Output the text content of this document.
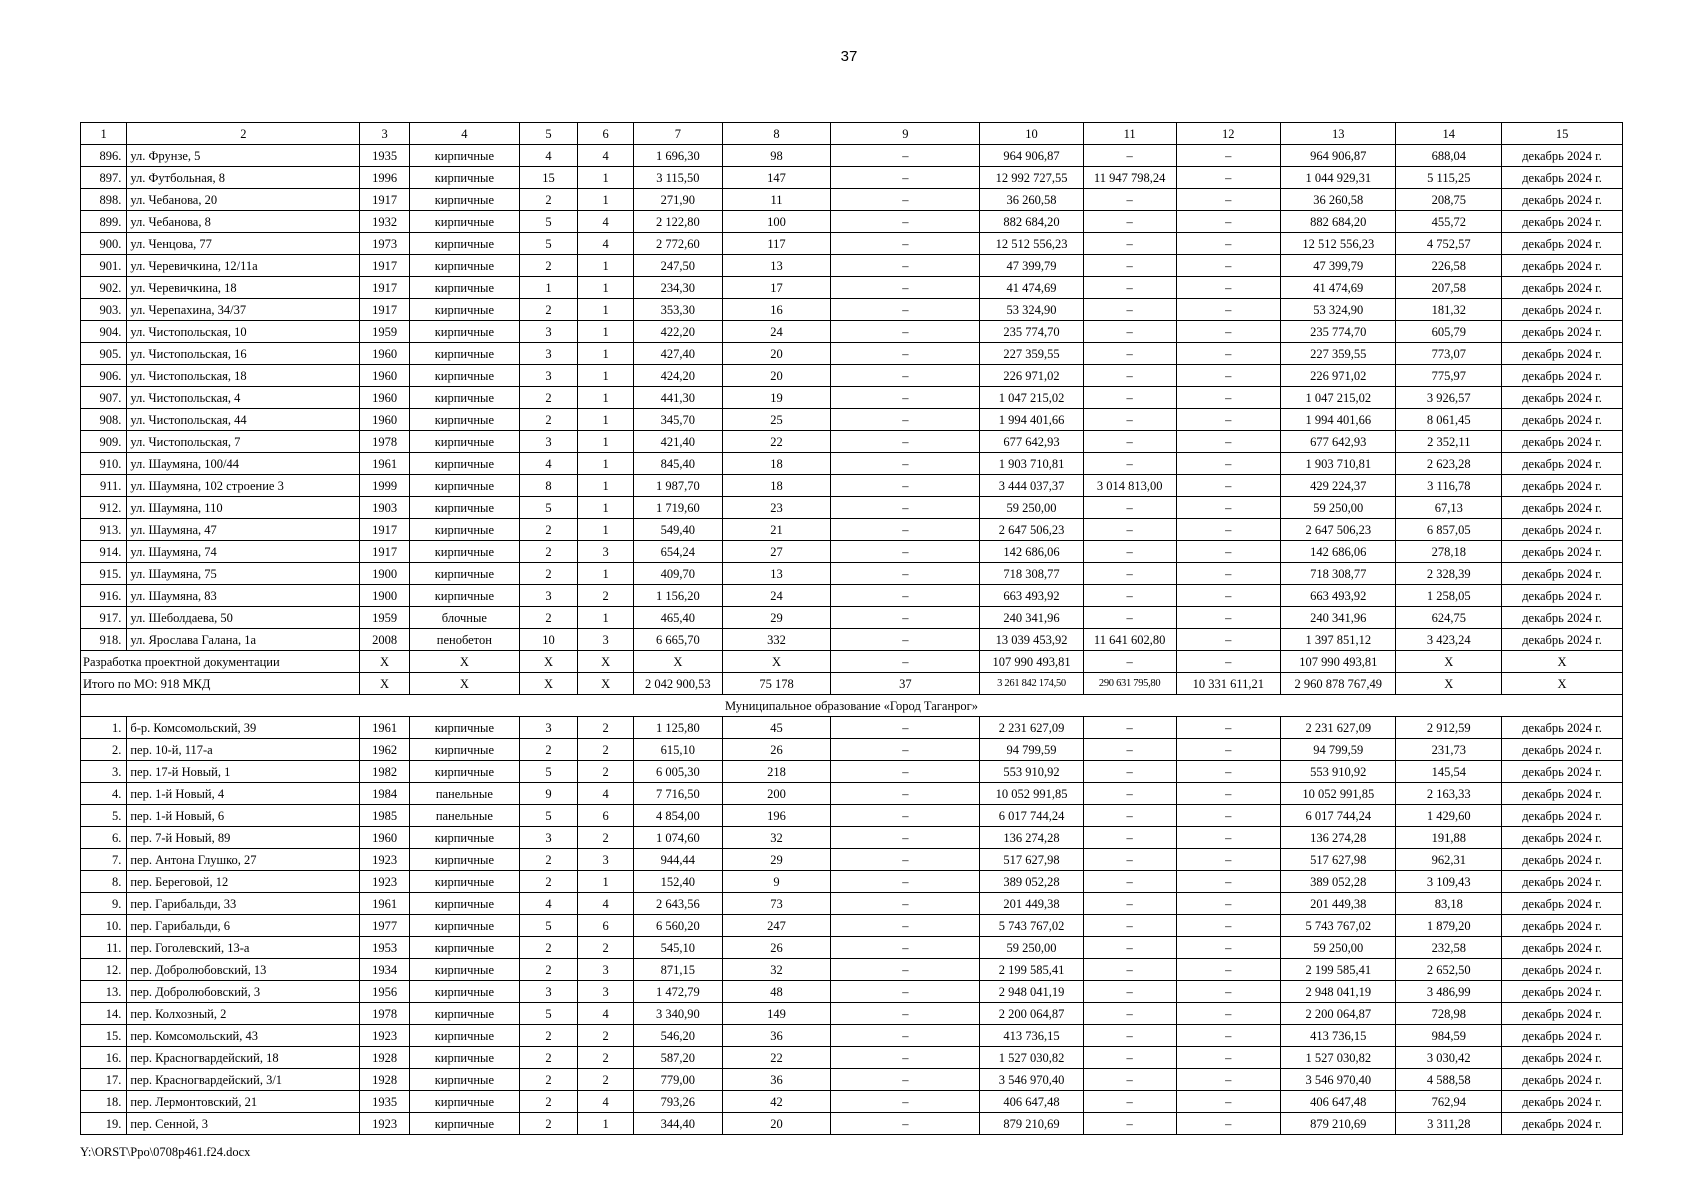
37
1	2	3	4	5	6	7	8	9	10	11	12	13	14	15
896.	ул. Фрунзе, 5	1935	кирпичные	4	4	1 696,30	98	–	964 906,87	–	–	964 906,87	688,04	декабрь 2024 г.
897.	ул. Футбольная, 8	1996	кирпичные	15	1	3 115,50	147	–	12 992 727,55	11 947 798,24	–	1 044 929,31	5 115,25	декабрь 2024 г.
898.	ул. Чебанова, 20	1917	кирпичные	2	1	271,90	11	–	36 260,58	–	–	36 260,58	208,75	декабрь 2024 г.
899.	ул. Чебанова, 8	1932	кирпичные	5	4	2 122,80	100	–	882 684,20	–	–	882 684,20	455,72	декабрь 2024 г.
900.	ул. Ченцова, 77	1973	кирпичные	5	4	2 772,60	117	–	12 512 556,23	–	–	12 512 556,23	4 752,57	декабрь 2024 г.
901.	ул. Черевичкина, 12/11а	1917	кирпичные	2	1	247,50	13	–	47 399,79	–	–	47 399,79	226,58	декабрь 2024 г.
902.	ул. Черевичкина, 18	1917	кирпичные	1	1	234,30	17	–	41 474,69	–	–	41 474,69	207,58	декабрь 2024 г.
903.	ул. Черепахина, 34/37	1917	кирпичные	2	1	353,30	16	–	53 324,90	–	–	53 324,90	181,32	декабрь 2024 г.
904.	ул. Чистопольская, 10	1959	кирпичные	3	1	422,20	24	–	235 774,70	–	–	235 774,70	605,79	декабрь 2024 г.
905.	ул. Чистопольская, 16	1960	кирпичные	3	1	427,40	20	–	227 359,55	–	–	227 359,55	773,07	декабрь 2024 г.
906.	ул. Чистопольская, 18	1960	кирпичные	3	1	424,20	20	–	226 971,02	–	–	226 971,02	775,97	декабрь 2024 г.
907.	ул. Чистопольская, 4	1960	кирпичные	2	1	441,30	19	–	1 047 215,02	–	–	1 047 215,02	3 926,57	декабрь 2024 г.
908.	ул. Чистопольская, 44	1960	кирпичные	2	1	345,70	25	–	1 994 401,66	–	–	1 994 401,66	8 061,45	декабрь 2024 г.
909.	ул. Чистопольская, 7	1978	кирпичные	3	1	421,40	22	–	677 642,93	–	–	677 642,93	2 352,11	декабрь 2024 г.
910.	ул. Шаумяна, 100/44	1961	кирпичные	4	1	845,40	18	–	1 903 710,81	–	–	1 903 710,81	2 623,28	декабрь 2024 г.
911.	ул. Шаумяна, 102 строение 3	1999	кирпичные	8	1	1 987,70	18	–	3 444 037,37	3 014 813,00	–	429 224,37	3 116,78	декабрь 2024 г.
912.	ул. Шаумяна, 110	1903	кирпичные	5	1	1 719,60	23	–	59 250,00	–	–	59 250,00	67,13	декабрь 2024 г.
913.	ул. Шаумяна, 47	1917	кирпичные	2	1	549,40	21	–	2 647 506,23	–	–	2 647 506,23	6 857,05	декабрь 2024 г.
914.	ул. Шаумяна, 74	1917	кирпичные	2	3	654,24	27	–	142 686,06	–	–	142 686,06	278,18	декабрь 2024 г.
915.	ул. Шаумяна, 75	1900	кирпичные	2	1	409,70	13	–	718 308,77	–	–	718 308,77	2 328,39	декабрь 2024 г.
916.	ул. Шаумяна, 83	1900	кирпичные	3	2	1 156,20	24	–	663 493,92	–	–	663 493,92	1 258,05	декабрь 2024 г.
917.	ул. Шеболдаева, 50	1959	блочные	2	1	465,40	29	–	240 341,96	–	–	240 341,96	624,75	декабрь 2024 г.
918.	ул. Ярослава Галана, 1а	2008	пенобетон	10	3	6 665,70	332	–	13 039 453,92	11 641 602,80	–	1 397 851,12	3 423,24	декабрь 2024 г.
Разработка проектной документации		X	X	X	X	X	X	–	107 990 493,81	–	–	107 990 493,81	X	X
Итого по МО: 918 МКД		X	X	X	X	2 042 900,53	75 178	37	3 261 842 174,50	290 631 795,80	10 331 611,21	2 960 878 767,49	X	X
Муниципальное образование «Город Таганрог»														
1.	б-р. Комсомольский, 39	1961	кирпичные	3	2	1 125,80	45	–	2 231 627,09	–	–	2 231 627,09	2 912,59	декабрь 2024 г.
2.	пер. 10-й, 117-а	1962	кирпичные	2	2	615,10	26	–	94 799,59	–	–	94 799,59	231,73	декабрь 2024 г.
3.	пер. 17-й Новый, 1	1982	кирпичные	5	2	6 005,30	218	–	553 910,92	–	–	553 910,92	145,54	декабрь 2024 г.
4.	пер. 1-й Новый, 4	1984	панельные	9	4	7 716,50	200	–	10 052 991,85	–	–	10 052 991,85	2 163,33	декабрь 2024 г.
5.	пер. 1-й Новый, 6	1985	панельные	5	6	4 854,00	196	–	6 017 744,24	–	–	6 017 744,24	1 429,60	декабрь 2024 г.
6.	пер. 7-й Новый, 89	1960	кирпичные	3	2	1 074,60	32	–	136 274,28	–	–	136 274,28	191,88	декабрь 2024 г.
7.	пер. Антона Глушко, 27	1923	кирпичные	2	3	944,44	29	–	517 627,98	–	–	517 627,98	962,31	декабрь 2024 г.
8.	пер. Береговой, 12	1923	кирпичные	2	1	152,40	9	–	389 052,28	–	–	389 052,28	3 109,43	декабрь 2024 г.
9.	пер. Гарибальди, 33	1961	кирпичные	4	4	2 643,56	73	–	201 449,38	–	–	201 449,38	83,18	декабрь 2024 г.
10.	пер. Гарибальди, 6	1977	кирпичные	5	6	6 560,20	247	–	5 743 767,02	–	–	5 743 767,02	1 879,20	декабрь 2024 г.
11.	пер. Гоголевский, 13-а	1953	кирпичные	2	2	545,10	26	–	59 250,00	–	–	59 250,00	232,58	декабрь 2024 г.
12.	пер. Добролюбовский, 13	1934	кирпичные	2	3	871,15	32	–	2 199 585,41	–	–	2 199 585,41	2 652,50	декабрь 2024 г.
13.	пер. Добролюбовский, 3	1956	кирпичные	3	3	1 472,79	48	–	2 948 041,19	–	–	2 948 041,19	3 486,99	декабрь 2024 г.
14.	пер. Колхозный, 2	1978	кирпичные	5	4	3 340,90	149	–	2 200 064,87	–	–	2 200 064,87	728,98	декабрь 2024 г.
15.	пер. Комсомольский, 43	1923	кирпичные	2	2	546,20	36	–	413 736,15	–	–	413 736,15	984,59	декабрь 2024 г.
16.	пер. Красногвардейский, 18	1928	кирпичные	2	2	587,20	22	–	1 527 030,82	–	–	1 527 030,82	3 030,42	декабрь 2024 г.
17.	пер. Красногвардейский, 3/1	1928	кирпичные	2	2	779,00	36	–	3 546 970,40	–	–	3 546 970,40	4 588,58	декабрь 2024 г.
18.	пер. Лермонтовский, 21	1935	кирпичные	2	4	793,26	42	–	406 647,48	–	–	406 647,48	762,94	декабрь 2024 г.
19.	пер. Сенной, 3	1923	кирпичные	2	1	344,40	20	–	879 210,69	–	–	879 210,69	3 311,28	декабрь 2024 г.
Y:\ORST\Ppo\0708p461.f24.docx
